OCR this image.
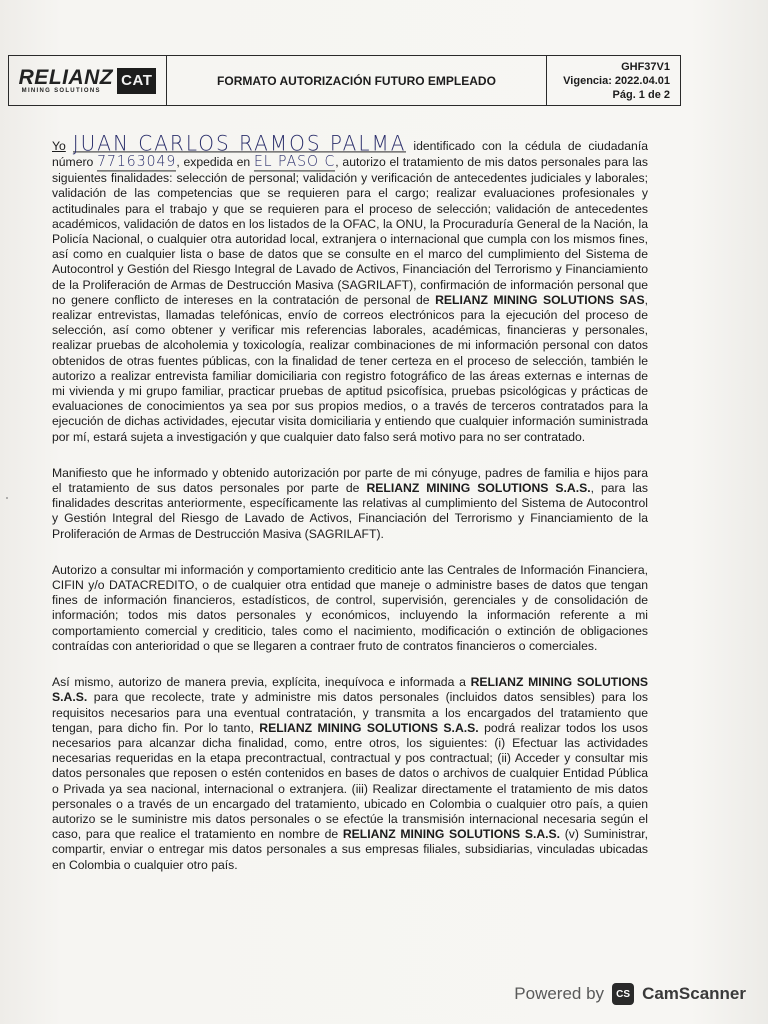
RELIANZ
MINING SOLUTIONS
CAT	FORMATO AUTORIZACIÓN FUTURO EMPLEADO
GHF37V1
Vigencia: 2022.04.01
Pág. 1 de 2

Yo JUAN CARLOS RAMOS PALMA identificado con la cédula de ciudadanía número 77163049, expedida en EL PASO C, autorizo el tratamiento de mis datos personales para las siguientes finalidades: selección de personal; validación y verificación de antecedentes judiciales y laborales; validación de las competencias que se requieren para el cargo; realizar evaluaciones profesionales y actitudinales para el trabajo y que se requieren para el proceso de selección; validación de antecedentes académicos, validación de datos en los listados de la OFAC, la ONU, la Procuraduría General de la Nación, la Policía Nacional, o cualquier otra autoridad local, extranjera o internacional que cumpla con los mismos fines, así como en cualquier lista o base de datos que se consulte en el marco del cumplimiento del Sistema de Autocontrol y Gestión del Riesgo Integral de Lavado de Activos, Financiación del Terrorismo y Financiamiento de la Proliferación de Armas de Destrucción Masiva (SAGRILAFT), confirmación de información personal que no genere conflicto de intereses en la contratación de personal de RELIANZ MINING SOLUTIONS SAS, realizar entrevistas, llamadas telefónicas, envío de correos electrónicos para la ejecución del proceso de selección, así como obtener y verificar mis referencias laborales, académicas, financieras y personales, realizar pruebas de alcoholemia y toxicología, realizar combinaciones de mi información personal con datos obtenidos de otras fuentes públicas, con la finalidad de tener certeza en el proceso de selección, también le autorizo a realizar entrevista familiar domiciliaria con registro fotográfico de las áreas externas e internas de mi vivienda y mi grupo familiar, practicar pruebas de aptitud psicofísica, pruebas psicológicas y prácticas de evaluaciones de conocimientos ya sea por sus propios medios, o a través de terceros contratados para la ejecución de dichas actividades, ejecutar visita domiciliaria y entiendo que cualquier información suministrada por mí, estará sujeta a investigación y que cualquier dato falso será motivo para no ser contratado.

Manifiesto que he informado y obtenido autorización por parte de mi cónyuge, padres de familia e hijos para el tratamiento de sus datos personales por parte de RELIANZ MINING SOLUTIONS S.A.S., para las finalidades descritas anteriormente, específicamente las relativas al cumplimiento del Sistema de Autocontrol y Gestión Integral del Riesgo de Lavado de Activos, Financiación del Terrorismo y Financiamiento de la Proliferación de Armas de Destrucción Masiva (SAGRILAFT).

Autorizo a consultar mi información y comportamiento crediticio ante las Centrales de Información Financiera, CIFIN y/o DATACREDITO, o de cualquier otra entidad que maneje o administre bases de datos que tengan fines de información financieros, estadísticos, de control, supervisión, gerenciales y de consolidación de información; todos mis datos personales y económicos, incluyendo la información referente a mi comportamiento comercial y crediticio, tales como el nacimiento, modificación o extinción de obligaciones contraídas con anterioridad o que se llegaren a contraer fruto de contratos financieros o comerciales.

Así mismo, autorizo de manera previa, explícita, inequívoca e informada a RELIANZ MINING SOLUTIONS S.A.S. para que recolecte, trate y administre mis datos personales (incluidos datos sensibles) para los requisitos necesarios para una eventual contratación, y transmita a los encargados del tratamiento que tengan, para dicho fin. Por lo tanto, RELIANZ MINING SOLUTIONS S.A.S. podrá realizar todos los usos necesarios para alcanzar dicha finalidad, como, entre otros, los siguientes: (i) Efectuar las actividades necesarias requeridas en la etapa precontractual, contractual y pos contractual; (ii) Acceder y consultar mis datos personales que reposen o estén contenidos en bases de datos o archivos de cualquier Entidad Pública o Privada ya sea nacional, internacional o extranjera. (iii) Realizar directamente el tratamiento de mis datos personales o a través de un encargado del tratamiento, ubicado en Colombia o cualquier otro país, a quien autorizo se le suministre mis datos personales o se efectúe la transmisión internacional necesaria según el caso, para que realice el tratamiento en nombre de RELIANZ MINING SOLUTIONS S.A.S. (v) Suministrar, compartir, enviar o entregar mis datos personales a sus empresas filiales, subsidiarias, vinculadas ubicadas en Colombia o cualquier otro país.

Powered by	CS CamScanner
